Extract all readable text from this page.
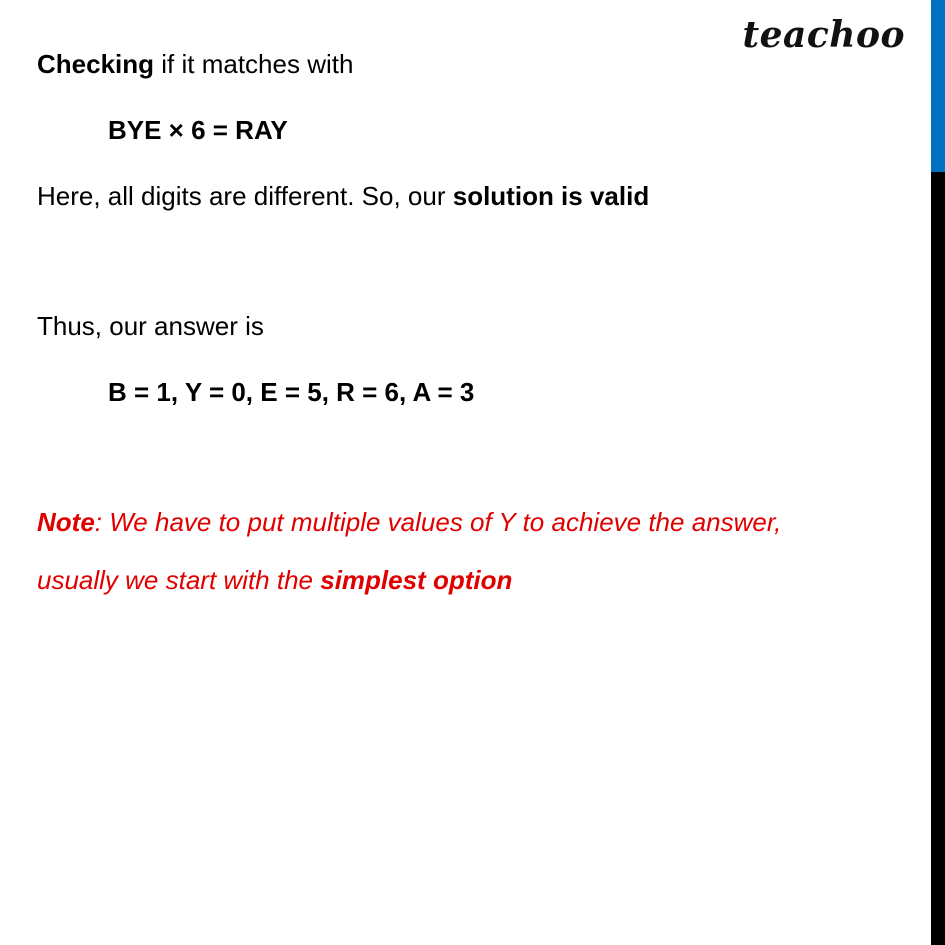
teachoo
Checking if it matches with
BYE × 6 = RAY
Here, all digits are different. So, our solution is valid
Thus, our answer is
B = 1, Y = 0, E = 5, R = 6, A = 3
Note: We have to put multiple values of Y to achieve the answer,
usually we start with the simplest option
